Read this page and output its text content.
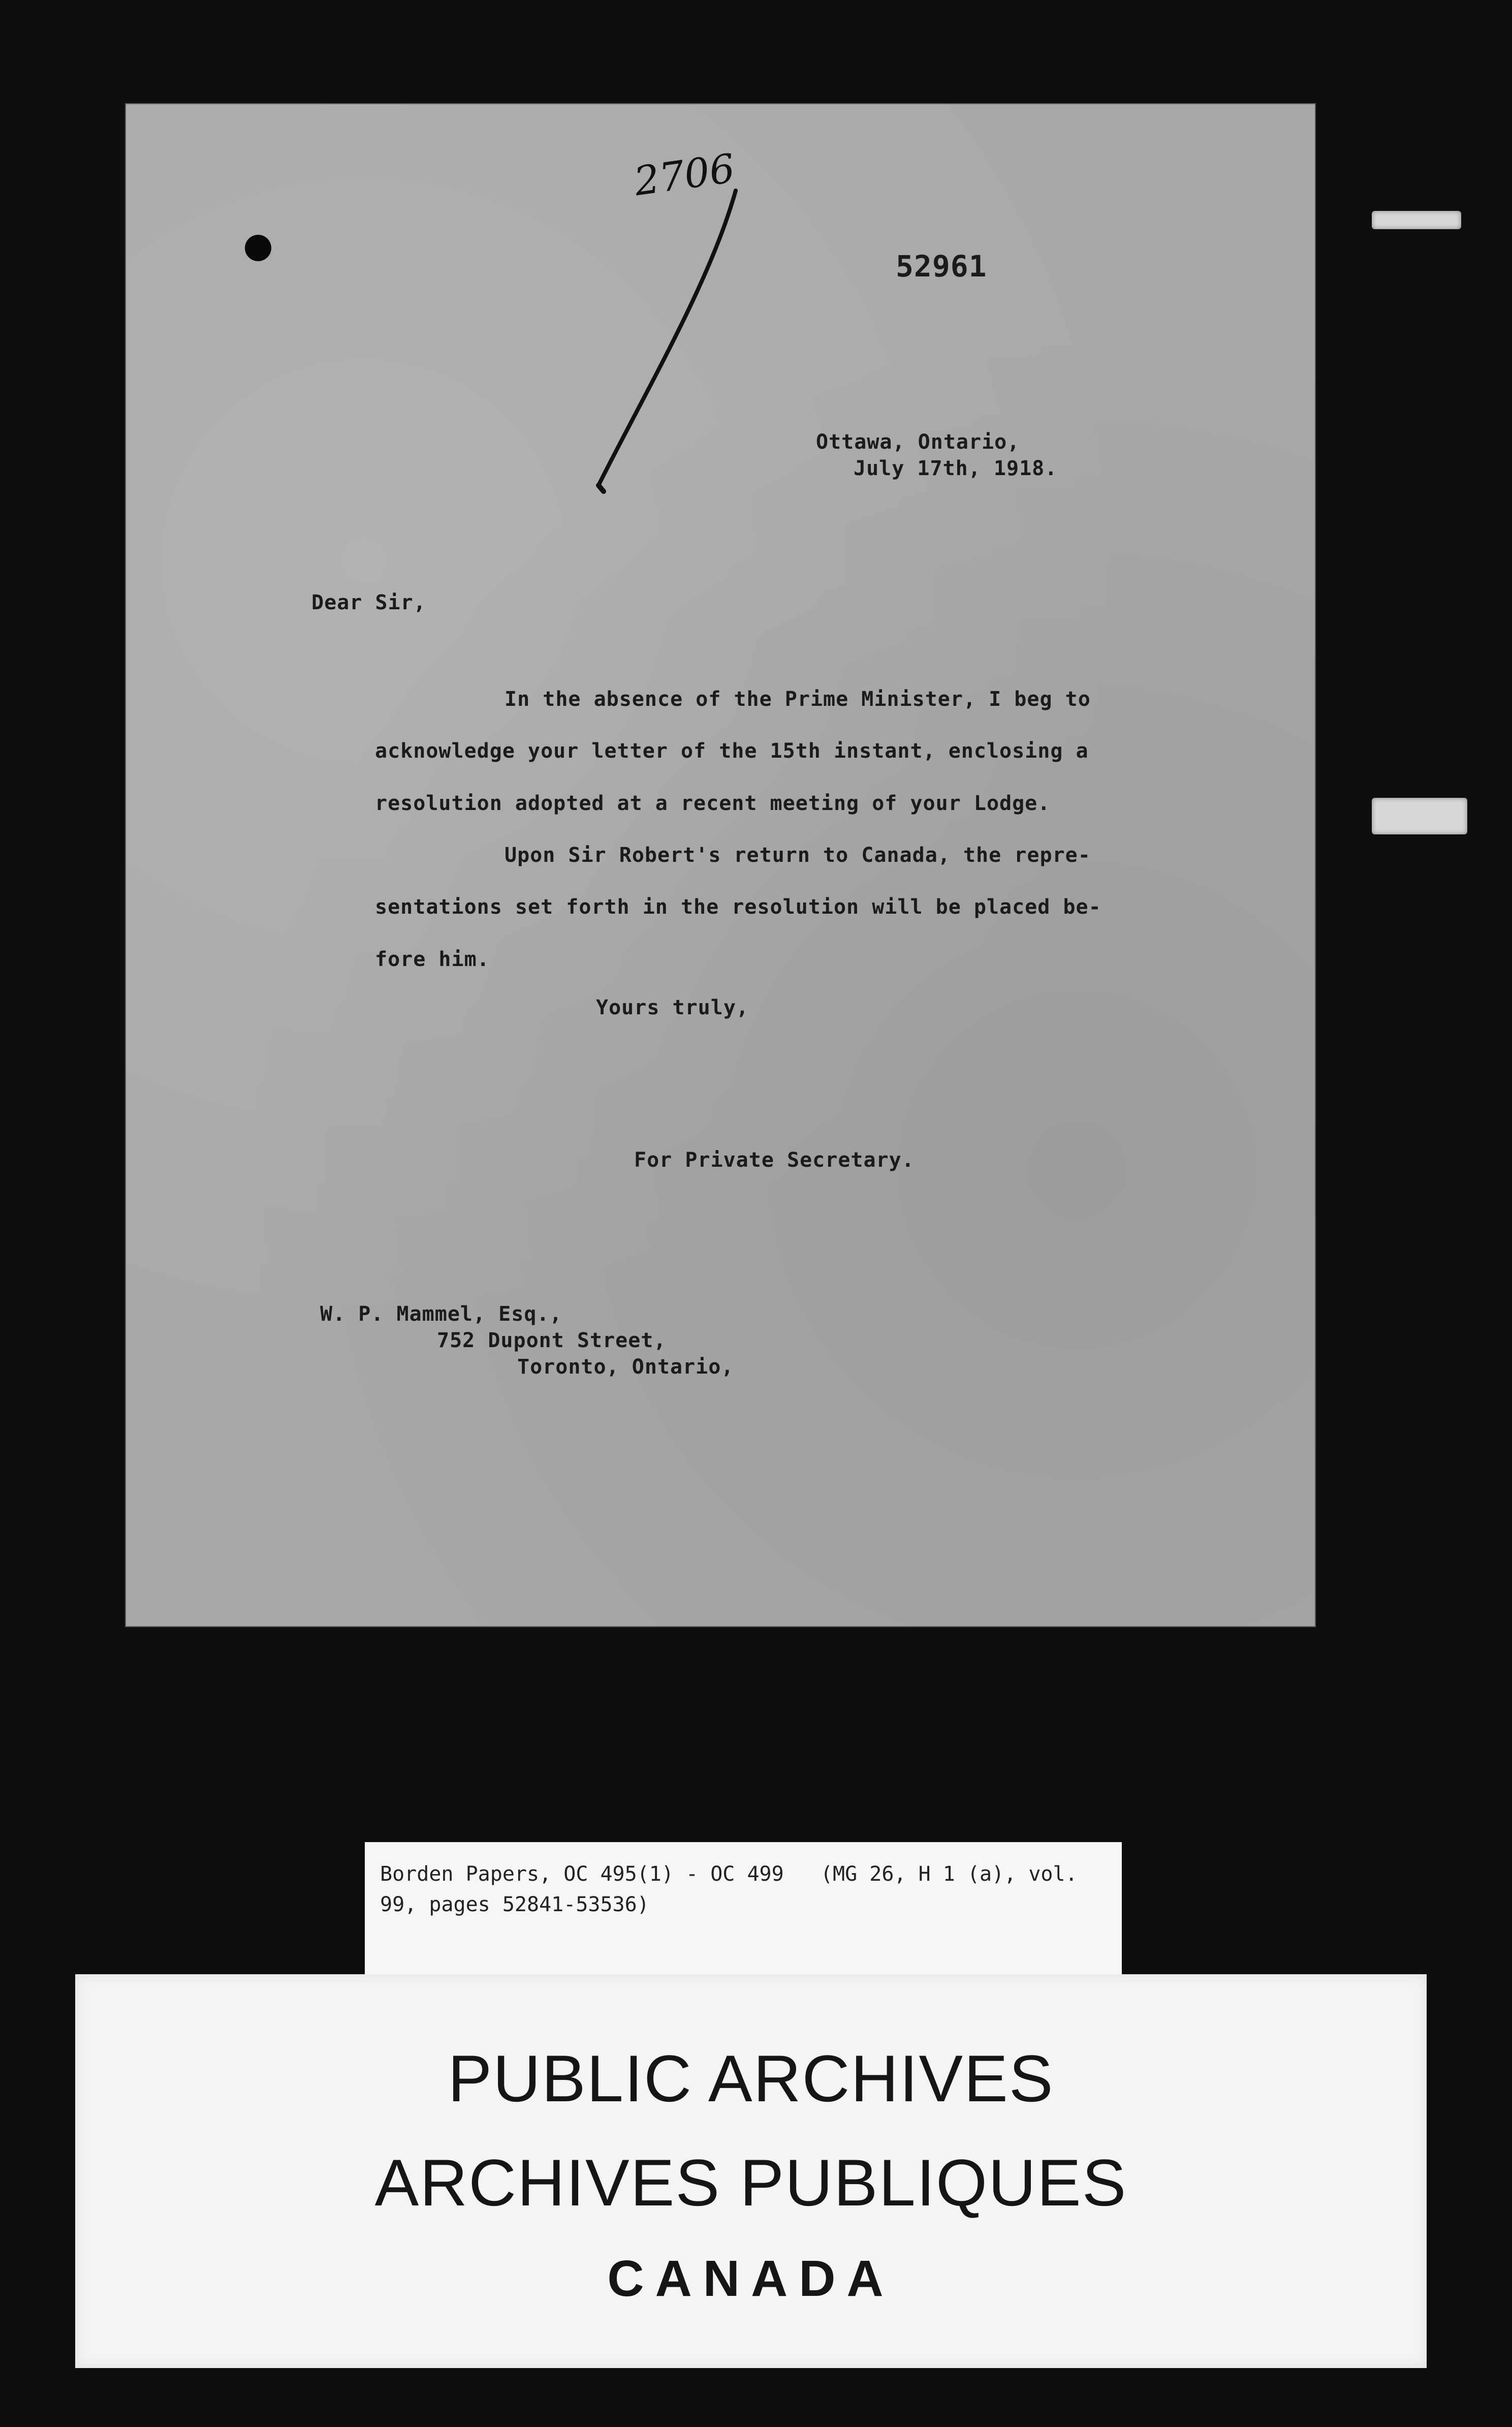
2706
52961
Ottawa, Ontario,
July 17th, 1918.
Dear Sir,
In the absence of the Prime Minister, I beg to
acknowledge your letter of the 15th instant, enclosing a
resolution adopted at a recent meeting of your Lodge.
Upon Sir Robert's return to Canada, the repre-
sentations set forth in the resolution will be placed be-
fore him.
Yours truly,
For Private Secretary.
W. P. Mammel, Esq.,
752 Dupont Street,
Toronto, Ontario,
Borden Papers, OC 495(1) - OC 499   (MG 26, H 1 (a), vol.
99, pages 52841-53536)
PUBLIC ARCHIVES
ARCHIVES PUBLIQUES
CANADA
